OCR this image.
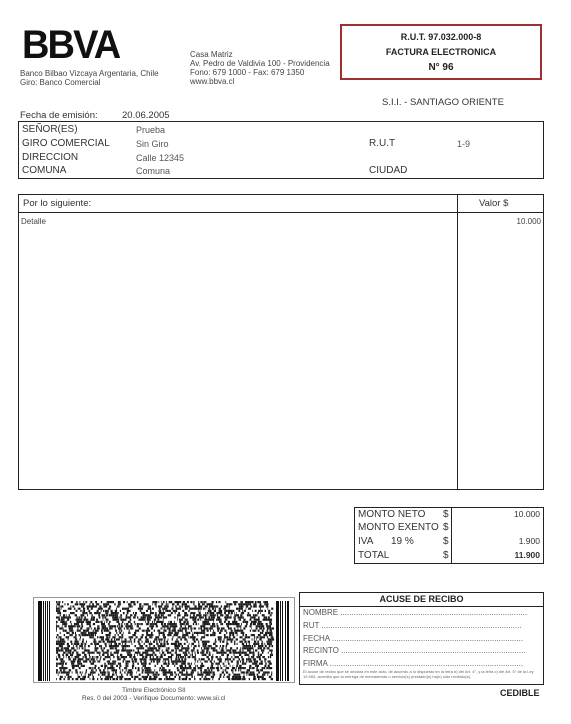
BBVA
Banco Bilbao Vizcaya Argentaria, Chile
Giro: Banco Comercial
Casa Matriz
Av. Pedro de Valdivia 100 - Providencia
Fono: 679 1000 - Fax: 679 1350
www.bbva.cl
R.U.T. 97.032.000-8
FACTURA ELECTRONICA
N° 96
S.I.I. - SANTIAGO ORIENTE
Fecha de emisión:	20.06.2005
SEÑOR(ES)	Prueba
GIRO COMERCIAL	Sin Giro	R.U.T	1-9
DIRECCION	Calle 12345
COMUNA	Comuna	CIUDAD
Por lo siguiente:	Valor $
Detalle	10.000
MONTO NETO $	10.000
MONTO EXENTO $
IVA 19 %	$	1.900
TOTAL	$	11.900
Timbre Electrónico SII
Res. 0 del 2003 - Verifique Documento: www.sii.cl
ACUSE DE RECIBO
NOMBRE ....................................................................................
RUT ..........................................................................................
FECHA ......................................................................................
RECINTO ...................................................................................
FIRMA .......................................................................................
El acuse de recibo que se declara en este acto, de acuerdo a lo dispuesto en la letra b) del Art. 4°, y la letra c) del Art. 5° de la Ley 19.983, acredita que la entrega de mercaderías o servicio(s) prestado(s) ha(n) sido recibido(s).
CEDIBLE
